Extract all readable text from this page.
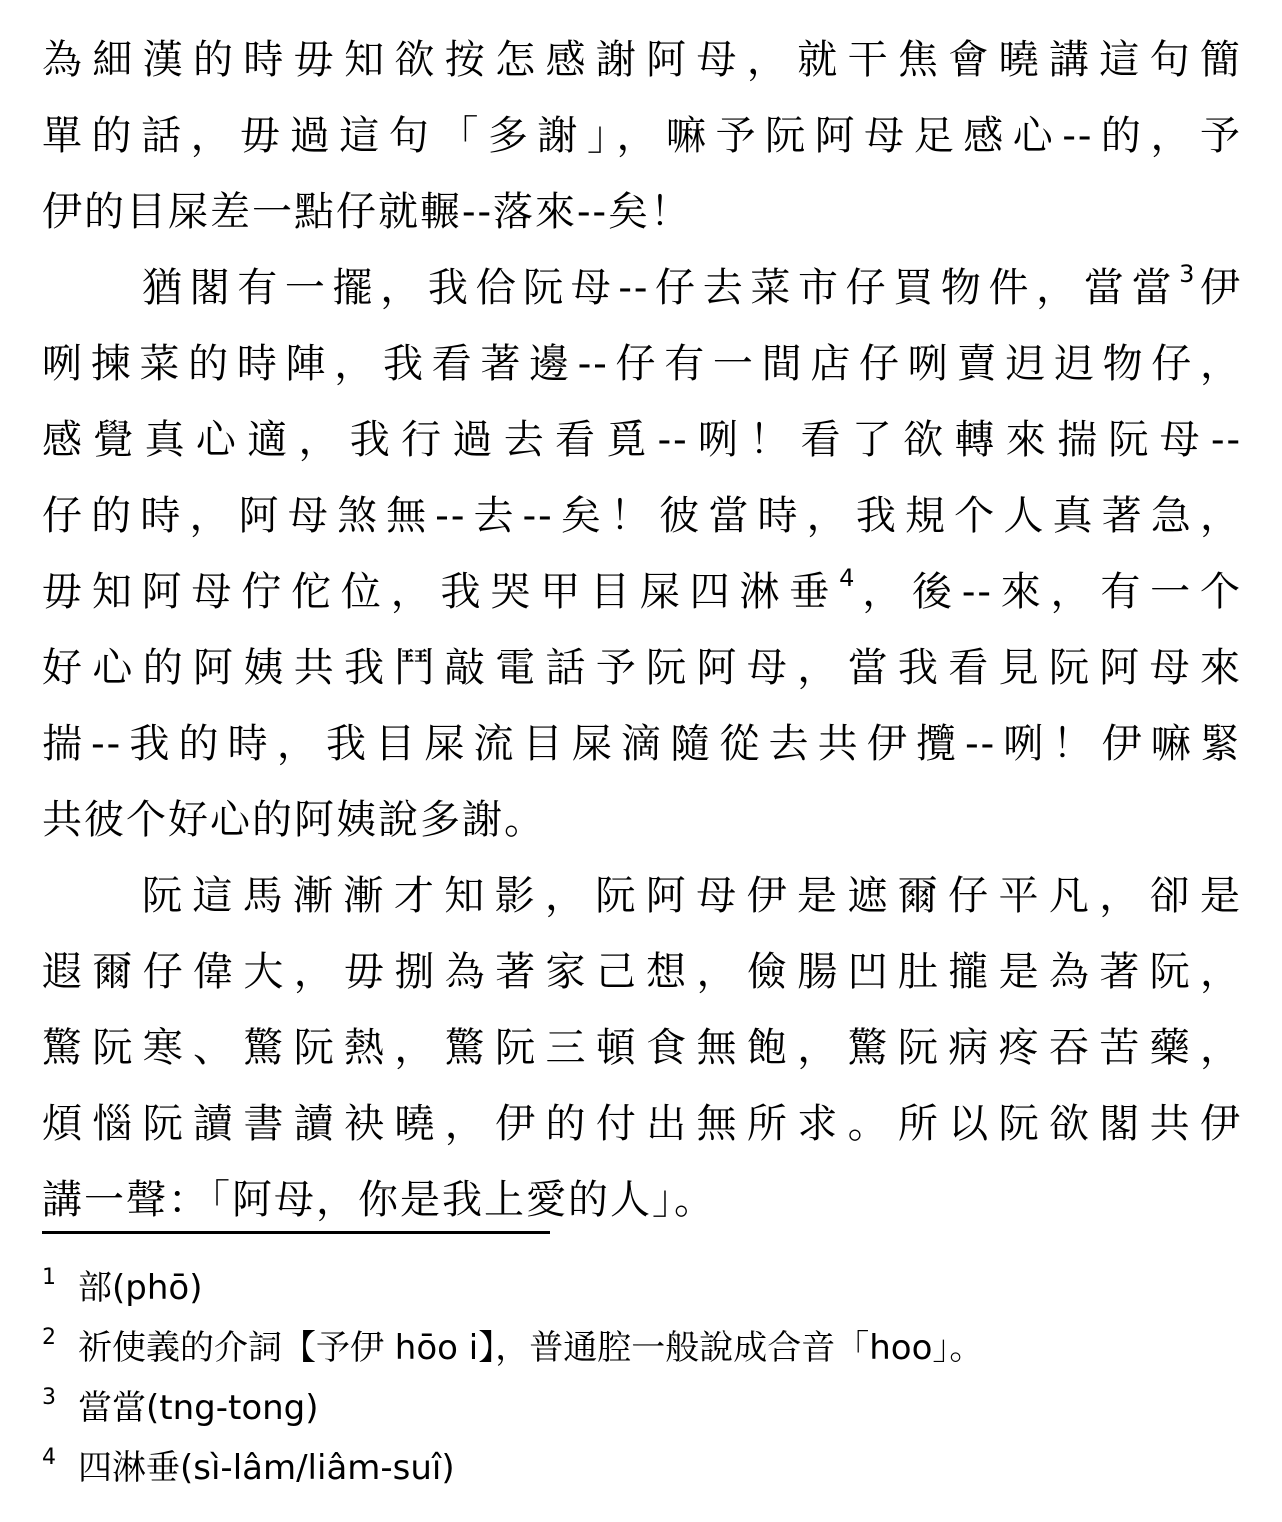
為細漢的時毋知欲按怎感謝阿母，就干焦會曉講這句簡
單的話，毋過這句「多謝」，嘛予阮阿母足感心--的，予
伊的目屎差一點仔就輾--落來--矣！
猶閣有一擺，我佮阮母--仔去菜市仔買物件，當當$^3$伊
咧揀菜的時陣，我看著邊--仔有一間店仔咧賣迌迌物仔，
感覺真心適，我行過去看覓--咧！看了欲轉來揣阮母--
仔的時，阿母煞無--去--矣！彼當時，我規个人真著急，
毋知阿母佇佗位，我哭甲目屎四淋垂$^4$，後--來，有一个
好心的阿姨共我鬥敲電話予阮阿母，當我看見阮阿母來
揣--我的時，我目屎流目屎滴隨從去共伊攬--咧！伊嘛緊
共彼个好心的阿姨說多謝。
阮這馬漸漸才知影，阮阿母伊是遮爾仔平凡，卻是
遐爾仔偉大，毋捌為著家己想，儉腸凹肚攏是為著阮，
驚阮寒、驚阮熱，驚阮三頓食無飽，驚阮病疼吞苦藥，
煩惱阮讀書讀袂曉，伊的付出無所求。所以阮欲閣共伊
講一聲：「阿母，你是我上愛的人」。
1 部(phō)
2 祈使義的介詞【予伊 hōo i】，普通腔一般說成合音「hoo」。
3 當當(tng-tong)
4 四淋垂(sì-lâm/liâm-suî)
